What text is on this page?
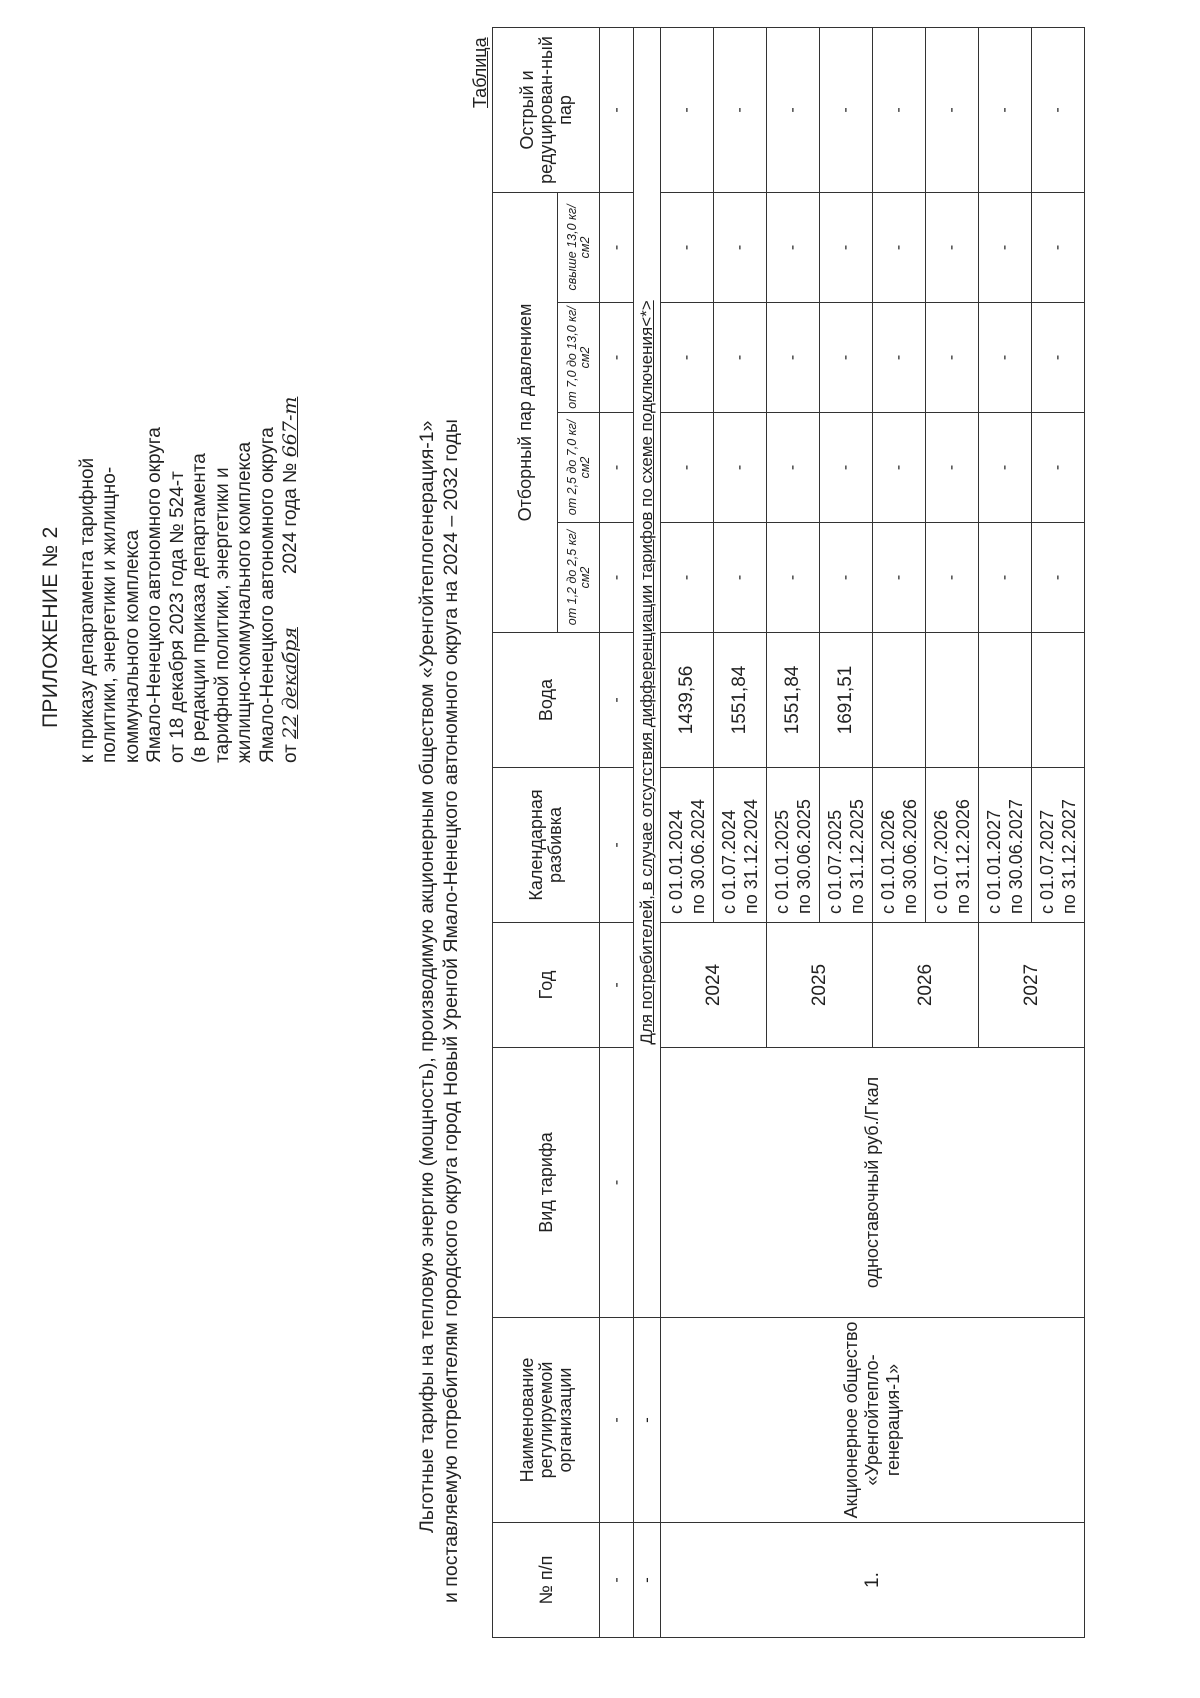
ПРИЛОЖЕНИЕ № 2 к приказу департамента тарифной политики, энергетики и жилищно- коммунального комплекса Ямало-Ненецкого автономного округа от 18 декабря 2023 года № 524-т (в редакции приказа департамента тарифной политики, энергетики и жилищно-коммунального комплекса Ямало-Ненецкого автономного округа от 22 декабря 2024 года № 667-т	Льготные тарифы на тепловую энергию (мощность), производимую акционерным обществом «Уренгойтеплогенерация-1» и поставляемую потребителям городского округа город Новый Уренгой Ямало-Ненецкого автономного округа на 2024 – 2032 годы
Таблица
№ п/п	Наименование регулируемой организации	Вид тарифа	Год	Календарная разбивка	Вода	Отборный пар давлением				Острый и редуцирован-ный пар
						от 1,2 до 2,5 кг/см2	от 2,5 до 7,0 кг/см2	от 7,0 до 13,0 кг/см2	свыше 13,0 кг/см2	
-	-	-	-	-	-	-	-	-	-	-
-	-	Для потребителей, в случае отсутствия дифференциации тарифов по схеме подключения<*>								
1.	Акционерное общество «Уренгойтепло-генерация-1»	одноставочный руб./Гкал	2024	с 01.01.2024 по 30.06.2024	1439,56	-	-	-	-	-

				с 01.07.2024 по 31.12.2024	1551,84	-	-	-	-	-
			2025	с 01.01.2025 по 30.06.2025	1551,84	-	-	-	-	-

				с 01.07.2025 по 31.12.2025	1691,51	-	-	-	-	-
			2026	с 01.01.2026 по 30.06.2026		-	-	-	-	-

				с 01.07.2026 по 31.12.2026		-	-	-	-	-
			2027	с 01.01.2027 по 30.06.2027		-	-	-	-	-

				с 01.07.2027 по 31.12.2027		-	-	-	-	-
